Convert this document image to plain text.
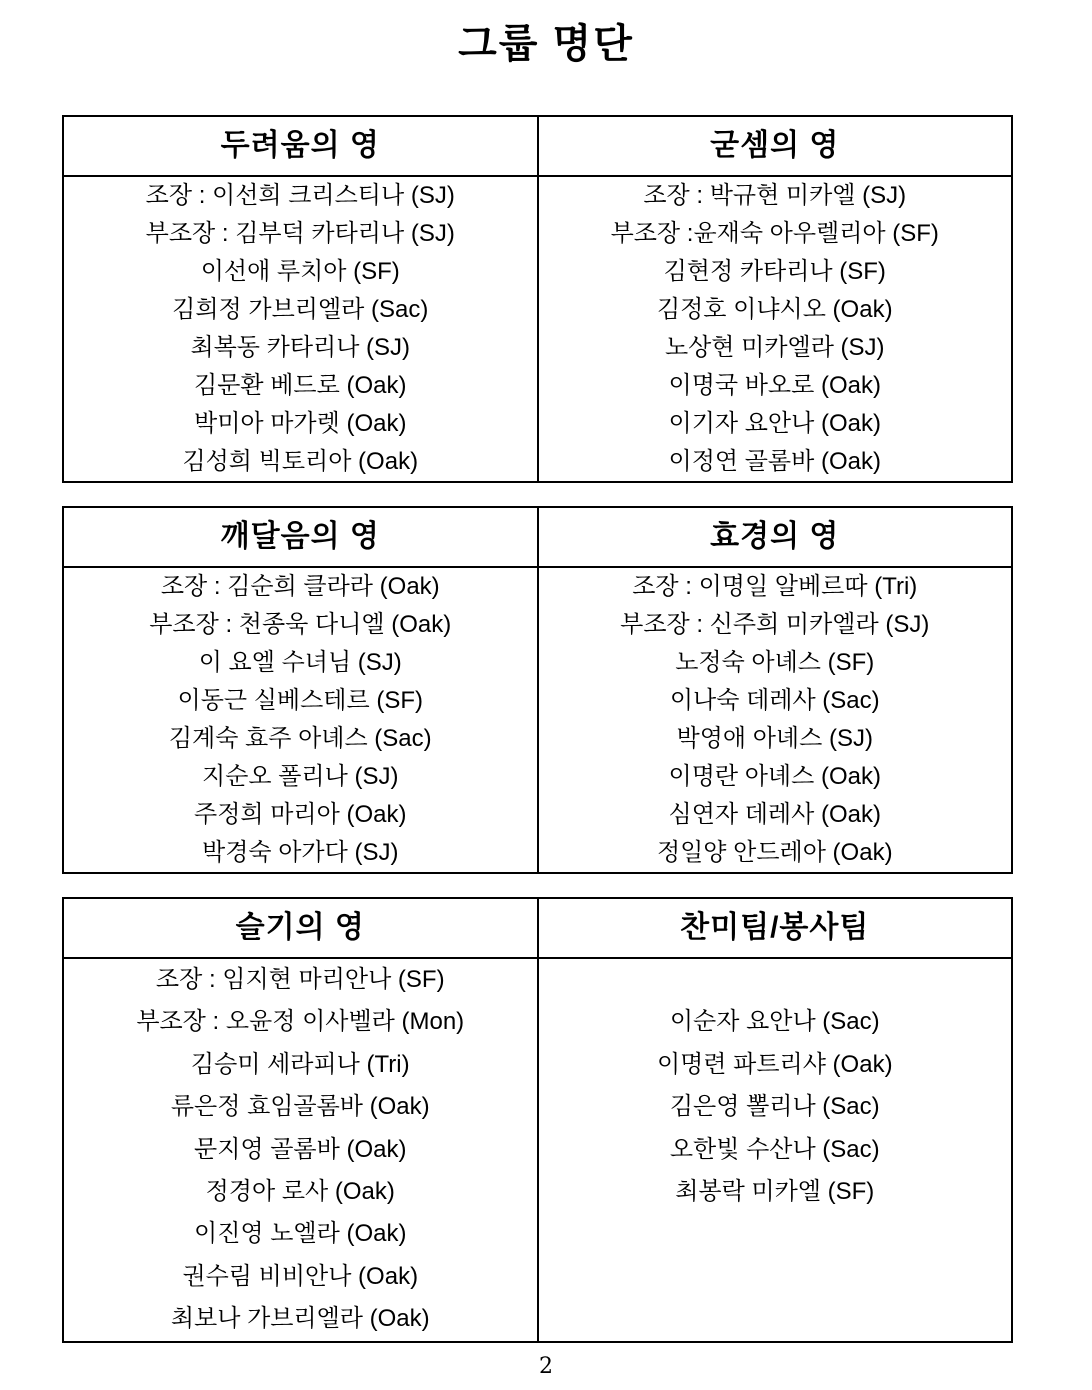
그룹 명단
두려움의 영	굳셈의 영

조장 : 이선희 크리스티나 (SJ)
부조장 : 김부덕 카타리나 (SJ)
이선애 루치아 (SF)
김희정 가브리엘라 (Sac)
최복동 카타리나 (SJ)
김문환 베드로 (Oak)
박미아 마가렛 (Oak)
김성희 빅토리아 (Oak)

조장 : 박규현 미카엘 (SJ)
부조장 :윤재숙 아우렐리아 (SF)
김현정 카타리나 (SF)
김정호 이냐시오 (Oak)
노상현 미카엘라 (SJ)
이명국 바오로 (Oak)
이기자 요안나 (Oak)
이정연 골롬바 (Oak)
깨달음의 영	효경의 영

조장 : 김순희 클라라 (Oak)
부조장 : 천종욱 다니엘 (Oak)
이 요엘 수녀님 (SJ)
이동근 실베스테르 (SF)
김계숙 효주 아녜스 (Sac)
지순오 폴리나 (SJ)
주정희 마리아 (Oak)
박경숙 아가다 (SJ)

조장 : 이명일 알베르따 (Tri)
부조장 : 신주희 미카엘라 (SJ)
노정숙 아녜스 (SF)
이나숙 데레사 (Sac)
박영애 아녜스 (SJ)
이명란 아녜스 (Oak)
심연자 데레사 (Oak)
정일양 안드레아 (Oak)
슬기의 영	찬미팀/봉사팀

조장 : 임지현 마리안나 (SF)
부조장 : 오윤정 이사벨라 (Mon)
김승미 세라피나 (Tri)
류은정 효임골롬바 (Oak)
문지영 골롬바 (Oak)
정경아 로사 (Oak)
이진영 노엘라 (Oak)
권수림 비비안나 (Oak)
최보나 가브리엘라 (Oak)

이순자 요안나 (Sac)
이명련 파트리샤 (Oak)
김은영 뽈리나 (Sac)
오한빛 수산나 (Sac)
최봉락 미카엘 (SF)
2
